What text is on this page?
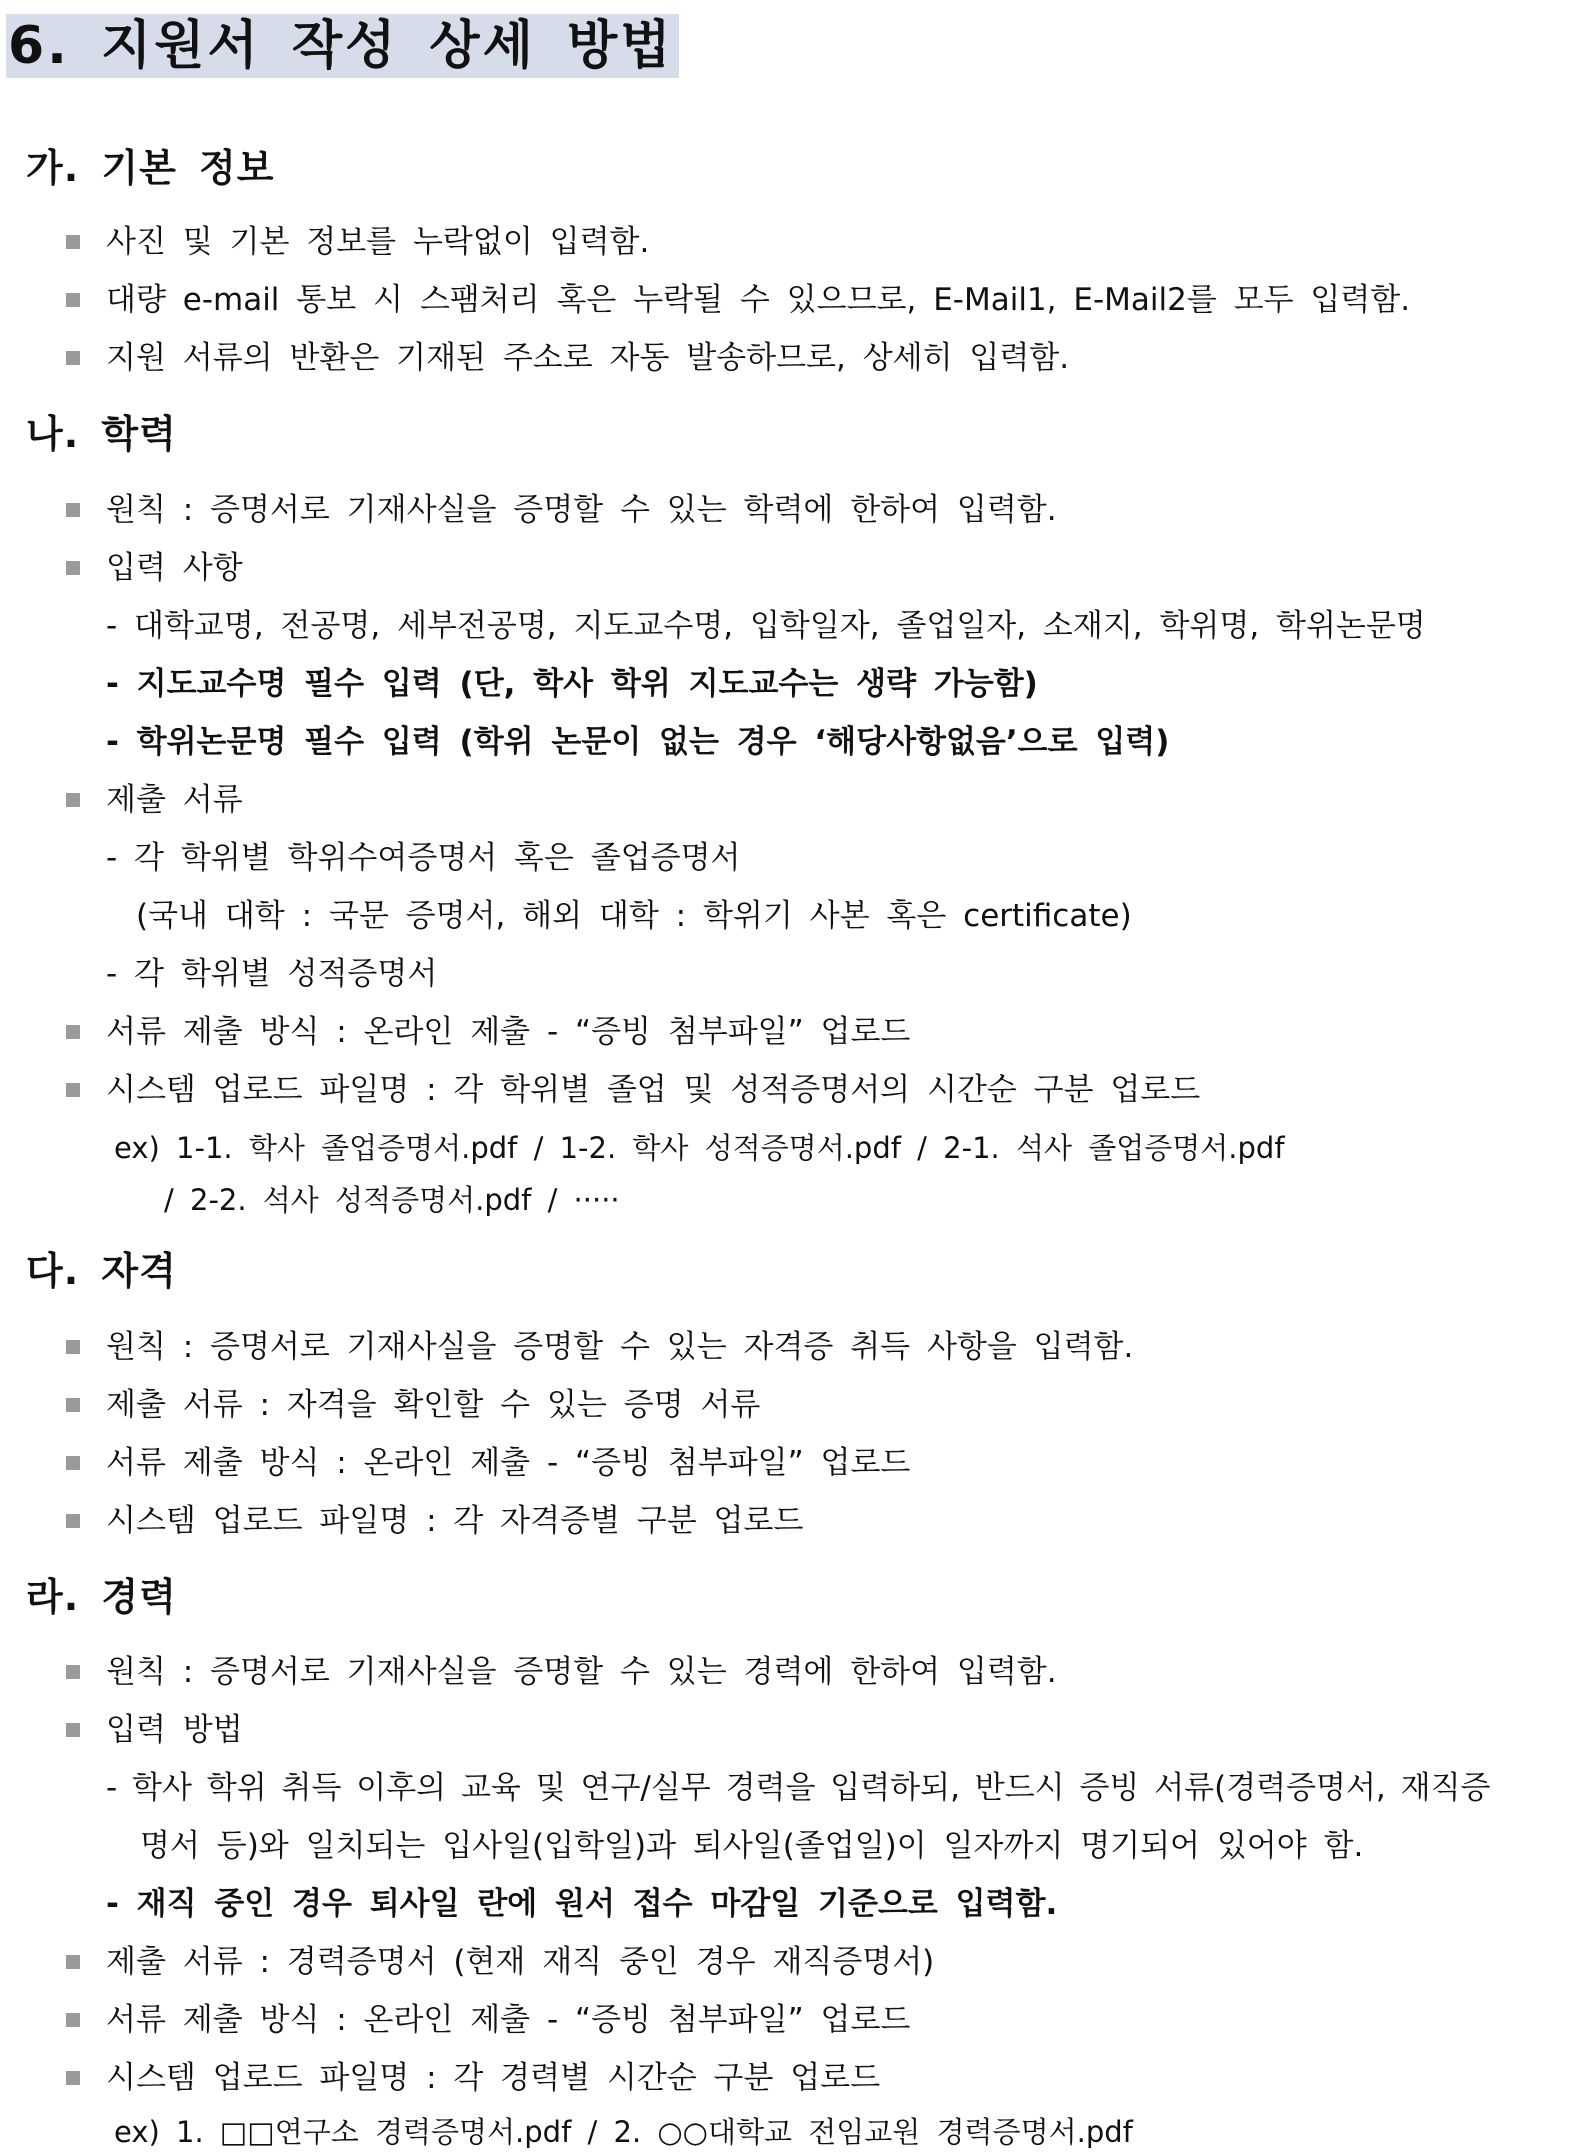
6. 지원서 작성 상세 방법
가. 기본 정보
사진 및 기본 정보를 누락없이 입력함.
대량 e-mail 통보 시 스팸처리 혹은 누락될 수 있으므로, E-Mail1, E-Mail2를 모두 입력함.
지원 서류의 반환은 기재된 주소로 자동 발송하므로, 상세히 입력함.
나. 학력
원칙 : 증명서로 기재사실을 증명할 수 있는 학력에 한하여 입력함.
입력 사항
- 대학교명, 전공명, 세부전공명, 지도교수명, 입학일자, 졸업일자, 소재지, 학위명, 학위논문명
- 지도교수명 필수 입력 (단, 학사 학위 지도교수는 생략 가능함)
- 학위논문명 필수 입력 (학위 논문이 없는 경우 ‘해당사항없음’으로 입력)
제출 서류
- 각 학위별 학위수여증명서 혹은 졸업증명서
(국내 대학 : 국문 증명서, 해외 대학 : 학위기 사본 혹은 certificate)
- 각 학위별 성적증명서
서류 제출 방식 : 온라인 제출 - “증빙 첨부파일” 업로드
시스템 업로드 파일명 : 각 학위별 졸업 및 성적증명서의 시간순 구분 업로드
ex) 1-1. 학사 졸업증명서.pdf / 1-2. 학사 성적증명서.pdf / 2-1. 석사 졸업증명서.pdf
/ 2-2. 석사 성적증명서.pdf / ·····
다. 자격
원칙 : 증명서로 기재사실을 증명할 수 있는 자격증 취득 사항을 입력함.
제출 서류 : 자격을 확인할 수 있는 증명 서류
서류 제출 방식 : 온라인 제출 - “증빙 첨부파일” 업로드
시스템 업로드 파일명 : 각 자격증별 구분 업로드
라. 경력
원칙 : 증명서로 기재사실을 증명할 수 있는 경력에 한하여 입력함.
입력 방법
- 학사 학위 취득 이후의 교육 및 연구/실무 경력을 입력하되, 반드시 증빙 서류(경력증명서, 재직증
명서 등)와 일치되는 입사일(입학일)과 퇴사일(졸업일)이 일자까지 명기되어 있어야 함.
- 재직 중인 경우 퇴사일 란에 원서 접수 마감일 기준으로 입력함.
제출 서류 : 경력증명서 (현재 재직 중인 경우 재직증명서)
서류 제출 방식 : 온라인 제출 - “증빙 첨부파일” 업로드
시스템 업로드 파일명 : 각 경력별 시간순 구분 업로드
ex) 1. □□연구소 경력증명서.pdf / 2. ○○대학교 전임교원 경력증명서.pdf
